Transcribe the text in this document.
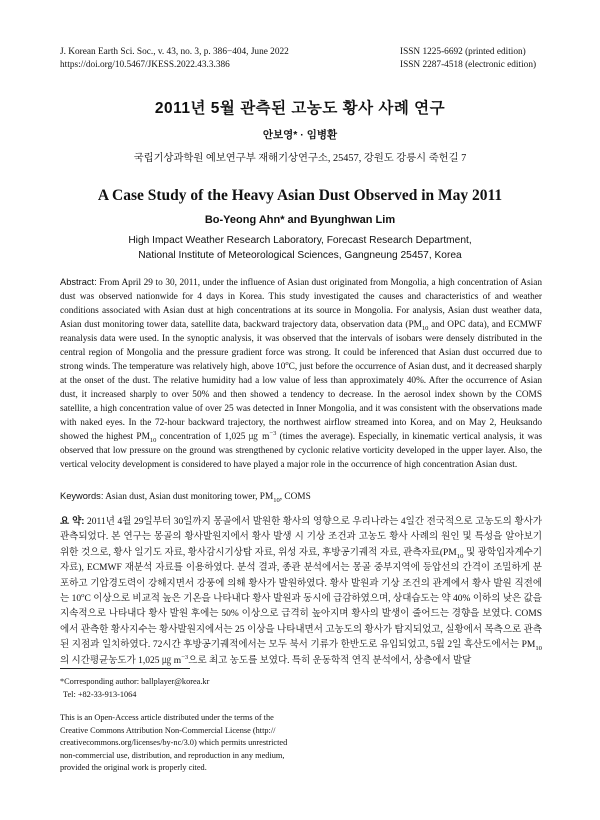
J. Korean Earth Sci. Soc., v. 43, no. 3, p. 386−404, June 2022
https://doi.org/10.5467/JKESS.2022.43.3.386
ISSN 1225-6692 (printed edition)
ISSN 2287-4518 (electronic edition)
2011년 5월 관측된 고농도 황사 사례 연구
안보영* · 임병환
국립기상과학원 예보연구부 재해기상연구소, 25457, 강원도 강릉시 죽헌길 7
A Case Study of the Heavy Asian Dust Observed in May 2011
Bo-Yeong Ahn* and Byunghwan Lim
High Impact Weather Research Laboratory, Forecast Research Department,
National Institute of Meteorological Sciences, Gangneung 25457, Korea
Abstract: From April 29 to 30, 2011, under the influence of Asian dust originated from Mongolia, a high concentration of Asian dust was observed nationwide for 4 days in Korea. This study investigated the causes and characteristics of and weather conditions associated with Asian dust at high concentrations at its source in Mongolia. For analysis, Asian dust weather data, Asian dust monitoring tower data, satellite data, backward trajectory data, observation data ($PM_{10}$ and OPC data), and ECMWF reanalysis data were used. In the synoptic analysis, it was observed that the intervals of isobars were densely distributed in the central region of Mongolia and the pressure gradient force was strong. It could be inferenced that Asian dust occurred due to strong winds. The temperature was relatively high, above 10$^o$C, just before the occurrence of Asian dust, and it decreased sharply at the onset of the dust. The relative humidity had a low value of less than approximately 40%. After the occurrence of Asian dust, it increased sharply to over 50% and then showed a tendency to decrease. In the aerosol index shown by the COMS satellite, a high concentration value of over 25 was detected in Inner Mongolia, and it was consistent with the observations made with naked eyes. In the 72-hour backward trajectory, the northwest airflow streamed into Korea, and on May 2, Heuksando showed the highest $PM_{10}$ concentration of 1,025 ㎍ $m^{-3}$ (times the average). Especially, in kinematic vertical analysis, it was observed that low pressure on the ground was strengthened by cyclonic relative vorticity developed in the upper layer. Also, the vertical velocity development is considered to have played a major role in the occurrence of high concentration Asian dust.
Keywords: Asian dust, Asian dust monitoring tower, $PM_{10}$, COMS
요 약: 2011년 4월 29일부터 30일까지 몽골에서 발원한 황사의 영향으로 우리나라는 4일간 전국적으로 고농도의 황사가 관측되었다. 본 연구는 몽골의 황사발원지에서 황사 발생 시 기상 조건과 고농도 황사 사례의 원인 및 특성을 알아보기 위한 것으로, 황사 일기도 자료, 황사감시기상탑 자료, 위성 자료, 후방공기궤적 자료, 관측자료($PM_{10}$ 및 광학입자계수기 자료), ECMWF 재분석 자료를 이용하였다. 분석 결과, 종관 분석에서는 몽골 중부지역에 등압선의 간격이 조밀하게 분포하고 기압경도력이 강해지면서 강풍에 의해 황사가 발원하였다. 황사 발원과 기상 조건의 관계에서 황사 발원 직전에는 10$^o$C 이상으로 비교적 높은 기온을 나타내다 황사 발원과 동시에 급감하였으며, 상대습도는 약 40% 이하의 낮은 값을 지속적으로 나타내다 황사 발원 후에는 50% 이상으로 급격히 높아지며 황사의 발생이 줄어드는 경향을 보였다. COMS에서 관측한 황사지수는 황사발원지에서는 25 이상을 나타내면서 고농도의 황사가 탐지되었고, 실황에서 목측으로 관측된 지점과 일치하였다. 72시간 후방공기궤적에서는 모두 북서 기류가 한반도로 유입되었고, 5월 2일 흑산도에서는 $PM_{10}$의 시간평균농도가 1,025 ㎍ $m^{-3}$으로 최고 농도를 보였다. 특히 운동학적 연직 분석에서, 상층에서 발달
*Corresponding author: ballplayer@korea.kr
Tel: +82-33-913-1064
This is an Open-Access article distributed under the terms of the
Creative Commons Attribution Non-Commercial License (http://
creativecommons.org/licenses/by-nc/3.0) which permits unrestricted
non-commercial use, distribution, and reproduction in any medium,
provided the original work is properly cited.
